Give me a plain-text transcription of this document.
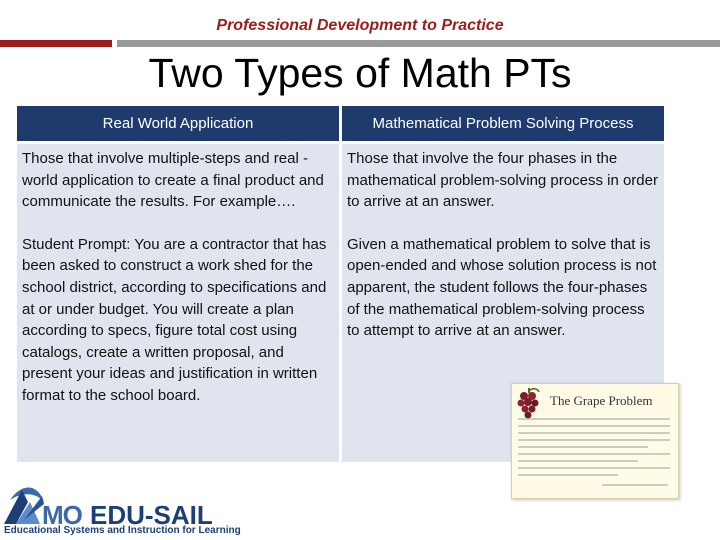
Professional Development to Practice
Two Types of Math PTs
Real World Application	Mathematical Problem Solving Process

Those that involve multiple-steps and real -world application to create a final product and communicate the results. For example….

Student Prompt: You are a contractor that has been asked to construct a work shed for the school district, according to specifications and at or under budget. You will create a plan according to specs, figure total cost using catalogs, create a written proposal, and present your ideas and justification in written format to the school board.

Those that involve the four phases in the mathematical problem-solving process in order to arrive at an answer.

Given a mathematical problem to solve that is open-ended and whose solution process is not apparent, the student follows the four-phases of the mathematical problem-solving process to attempt to arrive at an answer.

The Grape Problem
MO EDU-SAIL
Educational Systems and Instruction for Learning
